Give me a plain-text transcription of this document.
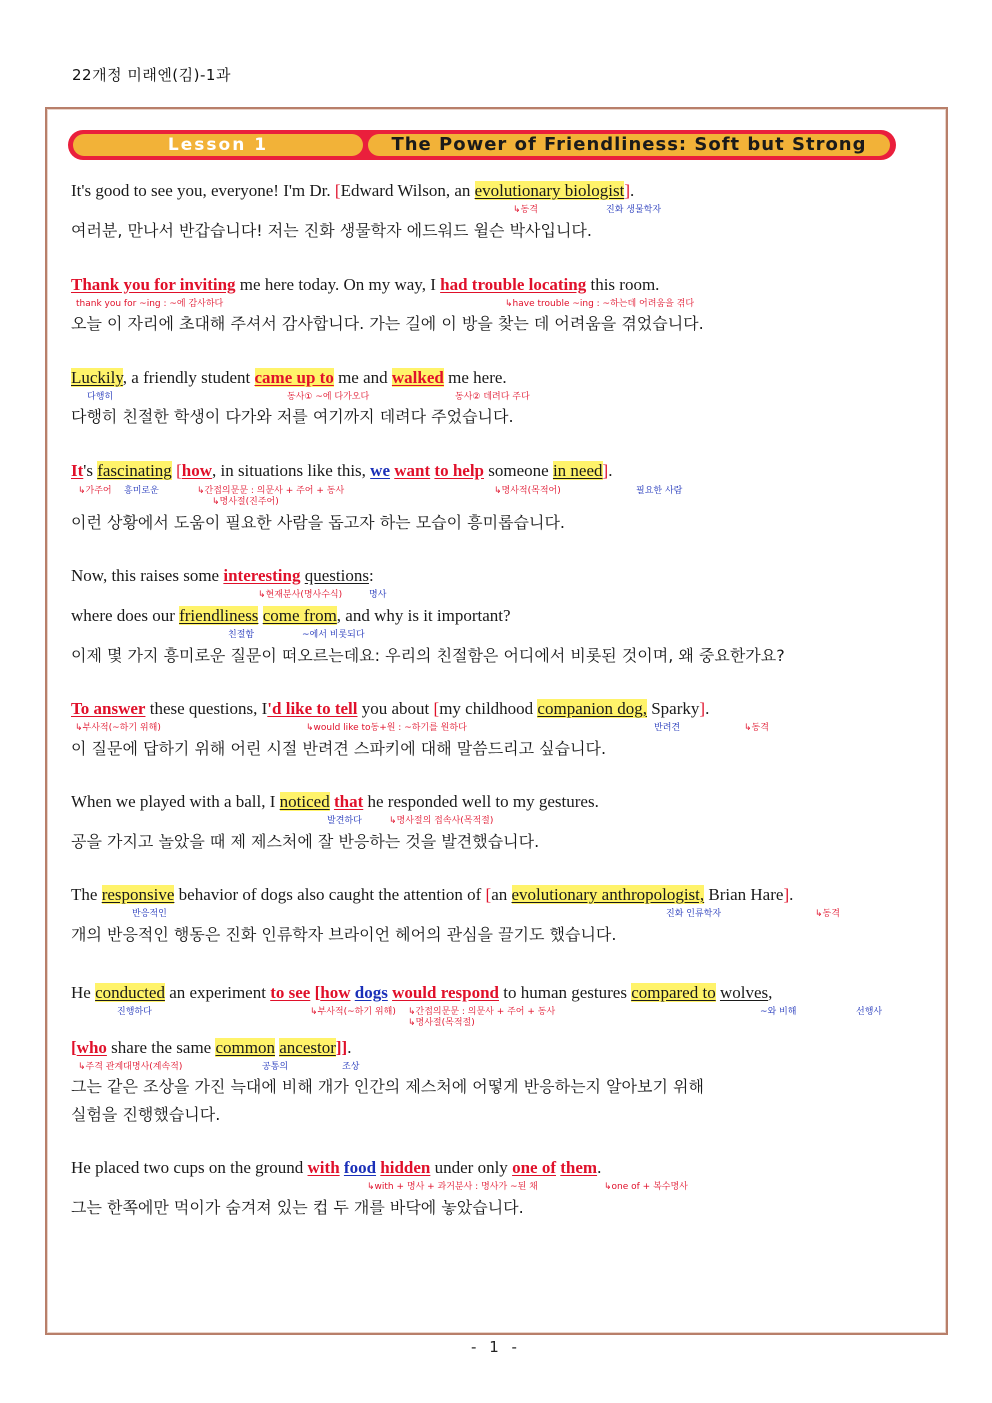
22개정 미래엔(김)-1과
Lesson 1	The Power of Friendliness: Soft but Strong
It's good to see you, everyone! I'm Dr. [Edward Wilson, an evolutionary biologist].
↳동격	진화 생물학자
여러분, 만나서 반갑습니다! 저는 진화 생물학자 에드워드 윌슨 박사입니다.
Thank you for inviting me here today. On my way, I had trouble locating this room.
thank you for ~ing : ~에 감사하다	↳have trouble ~ing : ~하는데 어려움을 겪다
오늘 이 자리에 초대해 주셔서 감사합니다. 가는 길에 이 방을 찾는 데 어려움을 겪었습니다.
Luckily, a friendly student came up to me and walked me here.
다행히	동사① ~에 다가오다	동사② 데려다 주다
다행히 친절한 학생이 다가와 저를 여기까지 데려다 주었습니다.
It's fascinating [how, in situations like this, we want to help someone in need].
↳가주어 흥미로운	↳간접의문문 : 의문사 + 주어 + 동사
↳명사절(진주어)
↳명사적(목적어)	필요한 사람
이런 상황에서 도움이 필요한 사람을 돕고자 하는 모습이 흥미롭습니다.
Now, this raises some interesting questions:
↳현재분사(명사수식)	명사
where does our friendliness come from, and why is it important?
친절함	~에서 비롯되다
이제 몇 가지 흥미로운 질문이 떠오르는데요: 우리의 친절함은 어디에서 비롯된 것이며, 왜 중요한가요?
To answer these questions, I'd like to tell you about [my childhood companion dog, Sparky].
↳부사적(~하기 위해)	↳would like to동+원 : ~하기를 원하다	반려견	↳동격
이 질문에 답하기 위해 어린 시절 반려견 스파키에 대해 말씀드리고 싶습니다.
When we played with a ball, I noticed that he responded well to my gestures.
발견하다	↳명사절의 접속사(목적절)
공을 가지고 놀았을 때 제 제스처에 잘 반응하는 것을 발견했습니다.
The responsive behavior of dogs also caught the attention of [an evolutionary anthropologist, Brian Hare].
반응적인	진화 인류학자	↳동격
개의 반응적인 행동은 진화 인류학자 브라이언 헤어의 관심을 끌기도 했습니다.
He conducted an experiment to see [how dogs would respond to human gestures compared to wolves,
진행하다	↳부사적(~하기 위해) ↳간접의문문 : 의문사 + 주어 + 동사
↳명사절(목적절)
~와 비해	선행사
[who share the same common ancestor]].
↳주격 관계대명사(계속적)	공통의	조상
그는 같은 조상을 가진 늑대에 비해 개가 인간의 제스처에 어떻게 반응하는지 알아보기 위해
실험을 진행했습니다.
He placed two cups on the ground with food hidden under only one of them.
↳with + 명사 + 과거분사 : 명사가 ~된 채	↳one of + 복수명사
그는 한쪽에만 먹이가 숨겨져 있는 컵 두 개를 바닥에 놓았습니다.
- 1 -
